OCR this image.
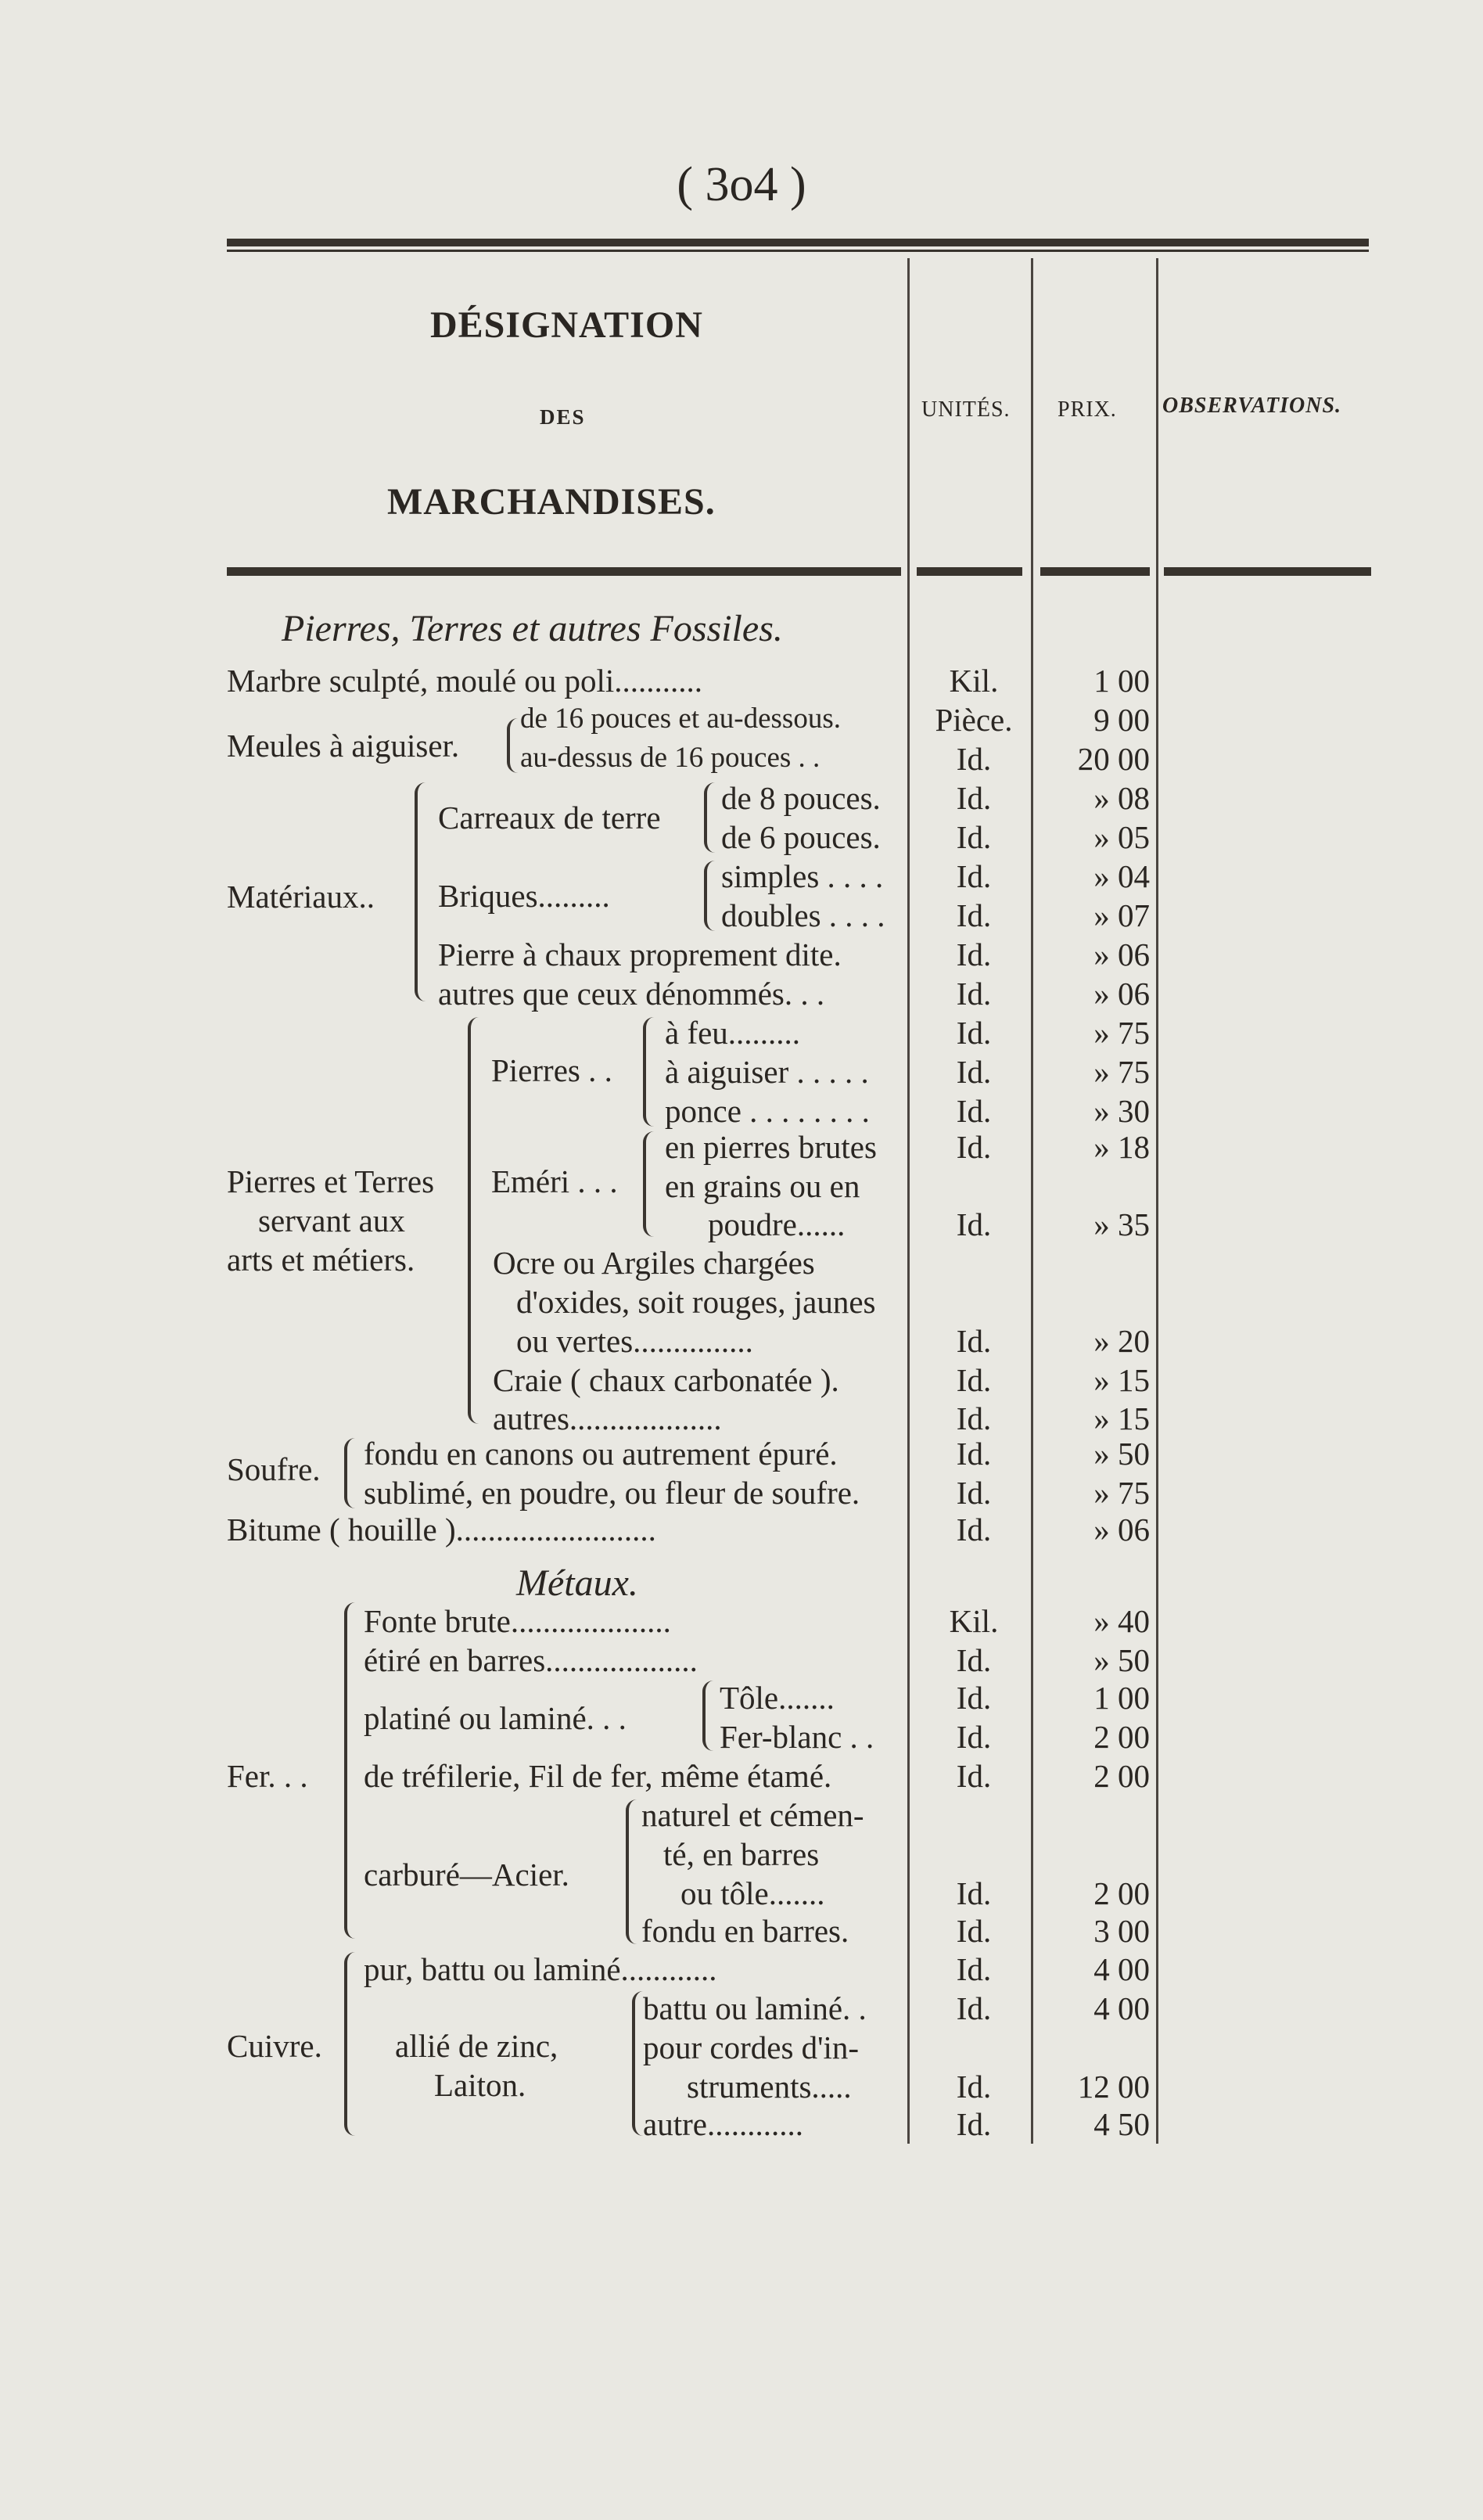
( 3o4 )
DÉSIGNATION
DES
MARCHANDISES.
UNITÉS. PRIX. OBSERVATIONS.
Pierres, Terres et autres Fossiles.
Meules à aiguiser.
Matériaux..
Carreaux de terre
Briques.........
Pierres et Terres
servant aux
arts et métiers.
Pierres . .
Eméri . . .
Soufre.
Fer. . .
platiné ou laminé. . .
carburé—Acier.
Cuivre. allié de zinc,
Laiton.
Métaux.
Marbre sculpté, moulé ou poli...........
de 16 pouces et au-dessous.
au-dessus de 16 pouces . .
de 8 pouces.
de 6 pouces.
simples . . . .
doubles . . . .
Pierre à chaux proprement dite.
autres que ceux dénommés. . .
à feu.........
à aiguiser . . . . .
ponce . . . . . . . .
en pierres brutes
en grains ou en
poudre......
Ocre ou Argiles chargées
d'oxides, soit rouges, jaunes
ou vertes...............
Craie ( chaux carbonatée ).
autres...................
fondu en canons ou autrement épuré.
sublimé, en poudre, ou fleur de soufre.
Bitume ( houille ).........................
Fonte brute....................
étiré en barres...................
Tôle.......
Fer-blanc . .
de tréfilerie, Fil de fer, même étamé.
naturel et cémen-
té, en barres
ou tôle.......
fondu en barres.
pur, battu ou laminé............
battu ou laminé. .
pour cordes d'in-
struments.....
autre............
Kil.
Pièce.
Id.
Id.
Id.
Id.
Id.
Id.
Id.
Id.
Id.
Id.
Id.
Id.
Id.
Id.
Id.
Id.
Id.
Id.
Kil.
Id.
Id.
Id.
Id.
Id.
Id.
Id.
Id.
Id.
Id.
1 00
9 00
20 00
» 08
» 05
» 04
» 07
» 06
» 06
» 75
» 75
» 30
» 18
» 35
» 20
» 15
» 15
» 50
» 75
» 06
» 40
» 50
1 00
2 00
2 00
2 00
3 00
4 00
4 00
12 00
4 50
